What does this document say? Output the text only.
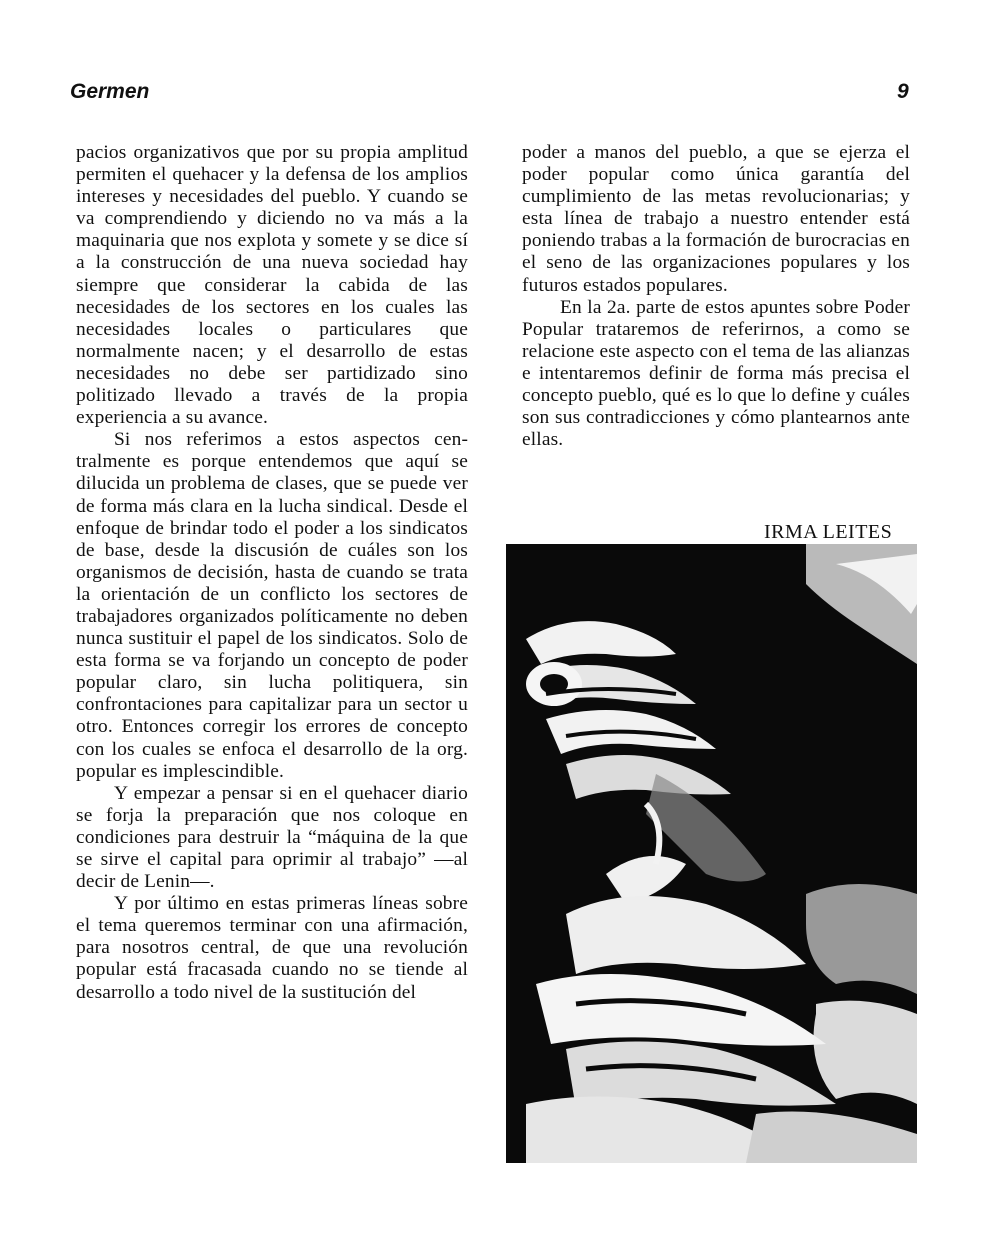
Germen	9

pacios organizativos que por su propia amplitud permiten el quehacer y la defensa de los amplios intereses y necesidades del pueblo. Y cuando se va comprendiendo y diciendo no va más a la maquinaria que nos explota y somete y se dice sí a la construcción de una nueva sociedad hay siempre que considerar la cabida de las necesidades de los sectores en los cuales las necesidades locales o particulares que normalmente nacen; y el desarrollo de estas necesidades no debe ser partidizado sino politizado llevado a través de la propia experiencia a su avance.

Si nos referimos a estos aspectos centralmente es porque entendemos que aquí se dilucida un problema de clases, que se puede ver de forma más clara en la lucha sindical. Desde el enfoque de brindar todo el poder a los sindicatos de base, desde la discusión de cuáles son los organismos de decisión, hasta de cuando se trata la orientación de un conflicto los sectores de trabajadores organizados políticamente no deben nunca sustituir el papel de los sindicatos. Solo de esta forma se va forjando un concepto de poder popular claro, sin lucha politiquera, sin confrontaciones para capitalizar para un sector u otro. Entonces corregir los errores de concepto con los cuales se enfoca el desarrollo de la org. popular es implescindible.

Y empezar a pensar si en el quehacer diario se forja la preparación que nos coloque en condiciones para destruir la “máquina de la que se sirve el capital para oprimir al trabajo” —al decir de Lenin—.

Y por último en estas primeras líneas sobre el tema queremos terminar con una afirmación, para nosotros central, de que una revolución popular está fracasada cuando no se tiende al desarrollo a todo nivel de la sustitución del

poder a manos del pueblo, a que se ejerza el poder popular como única garantía del cumplimiento de las metas revolucionarias; y esta línea de trabajo a nuestro entender está poniendo trabas a la formación de burocracias en el seno de las organizaciones populares y los futuros estados populares.

En la 2a. parte de estos apuntes sobre Poder Popular trataremos de referirnos, a como se relacione este aspecto con el tema de las alianzas e intentaremos definir de forma más precisa el concepto pueblo, qué es lo que lo define y cuáles son sus contradicciones y cómo plantearnos ante ellas.

IRMA LEITES
